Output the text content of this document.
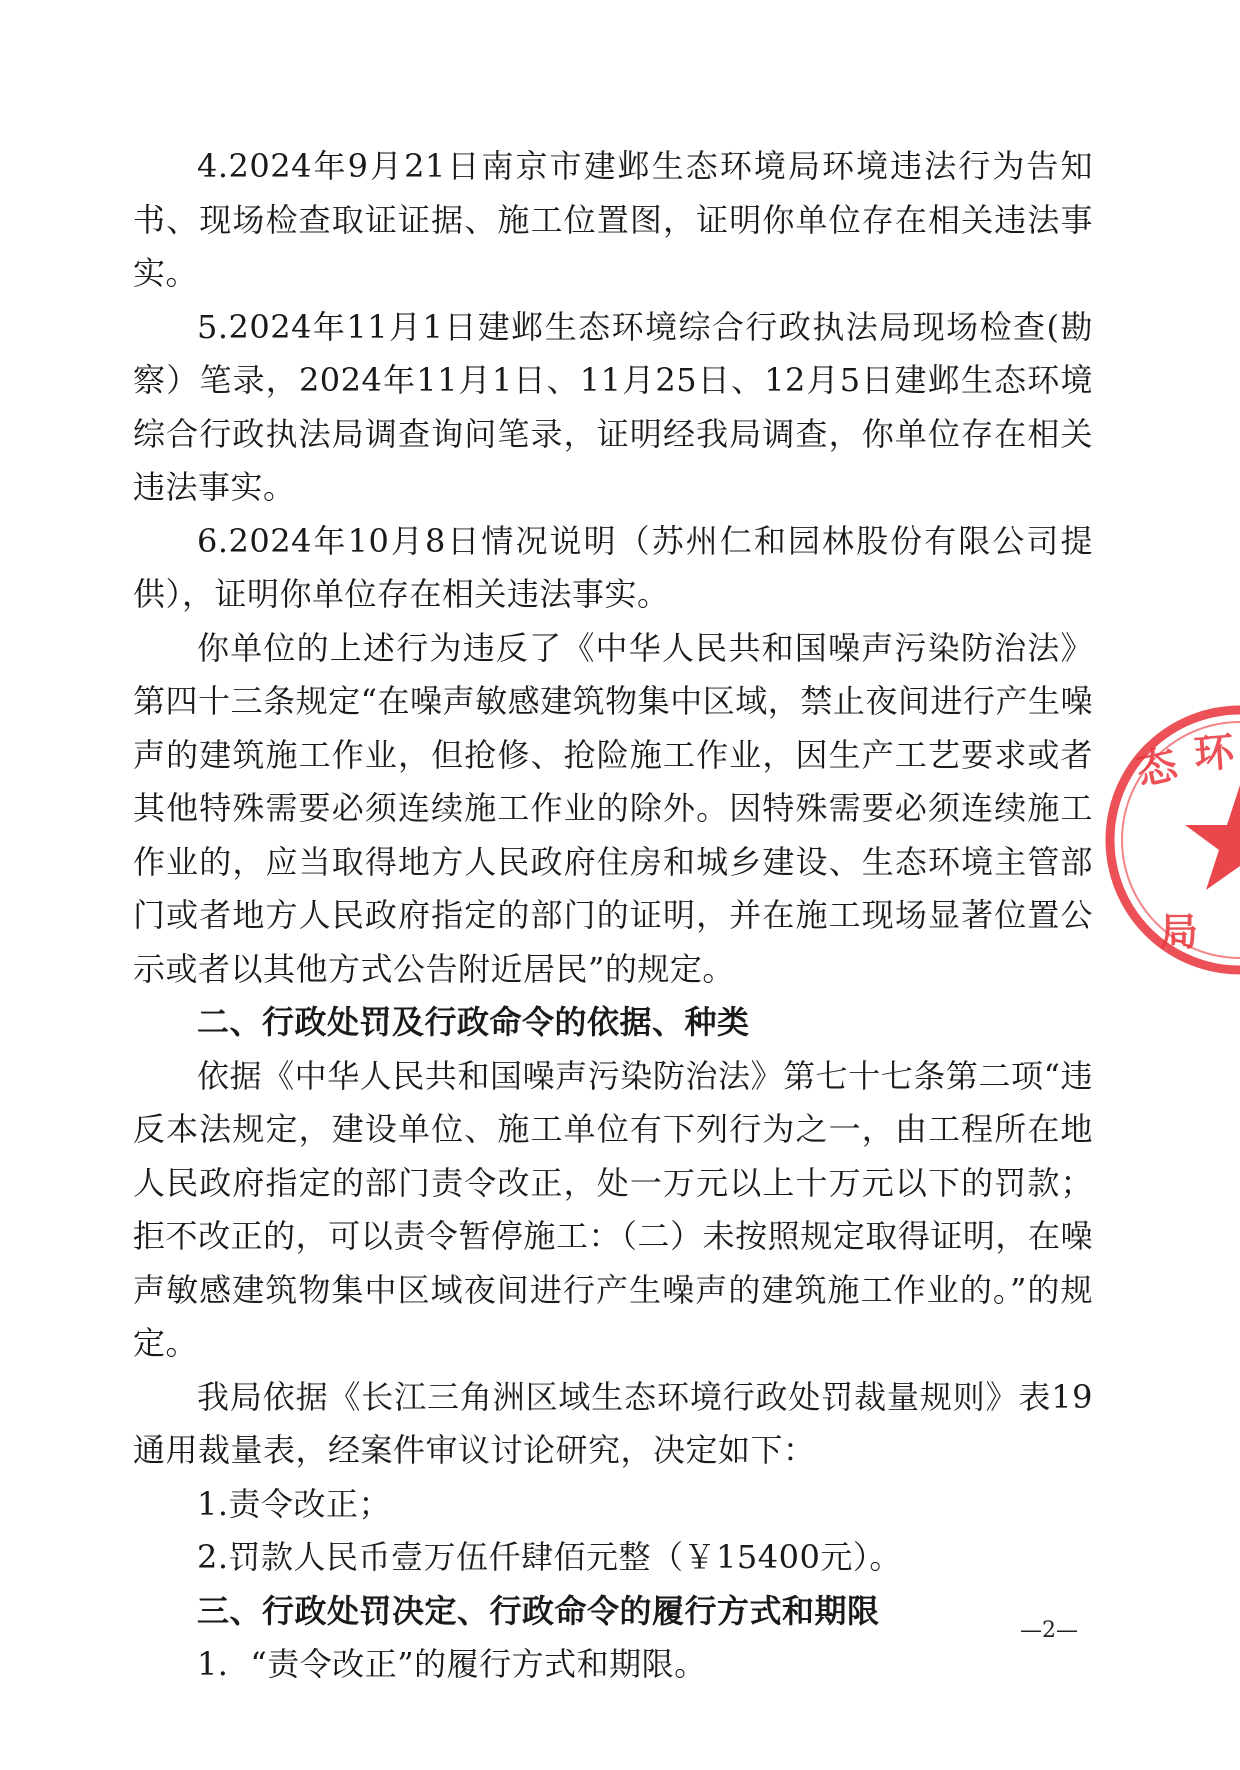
4.2024年9月21日南京市建邺生态环境局环境违法行为告知书、现场检查取证证据、施工位置图，证明你单位存在相关违法事实。

5.2024年11月1日建邺生态环境综合行政执法局现场检查(勘察）笔录，2024年11月1日、11月25日、12月5日建邺生态环境综合行政执法局调查询问笔录，证明经我局调查，你单位存在相关违法事实。

6.2024年10月8日情况说明（苏州仁和园林股份有限公司提供），证明你单位存在相关违法事实。

你单位的上述行为违反了《中华人民共和国噪声污染防治法》第四十三条规定“在噪声敏感建筑物集中区域，禁止夜间进行产生噪声的建筑施工作业，但抢修、抢险施工作业，因生产工艺要求或者其他特殊需要必须连续施工作业的除外。因特殊需要必须连续施工作业的，应当取得地方人民政府住房和城乡建设、生态环境主管部门或者地方人民政府指定的部门的证明，并在施工现场显著位置公示或者以其他方式公告附近居民”的规定。

二、行政处罚及行政命令的依据、种类

依据《中华人民共和国噪声污染防治法》第七十七条第二项“违反本法规定，建设单位、施工单位有下列行为之一，由工程所在地人民政府指定的部门责令改正，处一万元以上十万元以下的罚款；拒不改正的，可以责令暂停施工：（二）未按照规定取得证明，在噪声敏感建筑物集中区域夜间进行产生噪声的建筑施工作业的。”的规定。

我局依据《长江三角洲区域生态环境行政处罚裁量规则》表19通用裁量表，经案件审议讨论研究，决定如下：

1.责令改正；

2.罚款人民币壹万伍仟肆佰元整（￥15400元）。

三、行政处罚决定、行政命令的履行方式和期限

1．“责令改正”的履行方式和期限。

态 环
局
—2—
